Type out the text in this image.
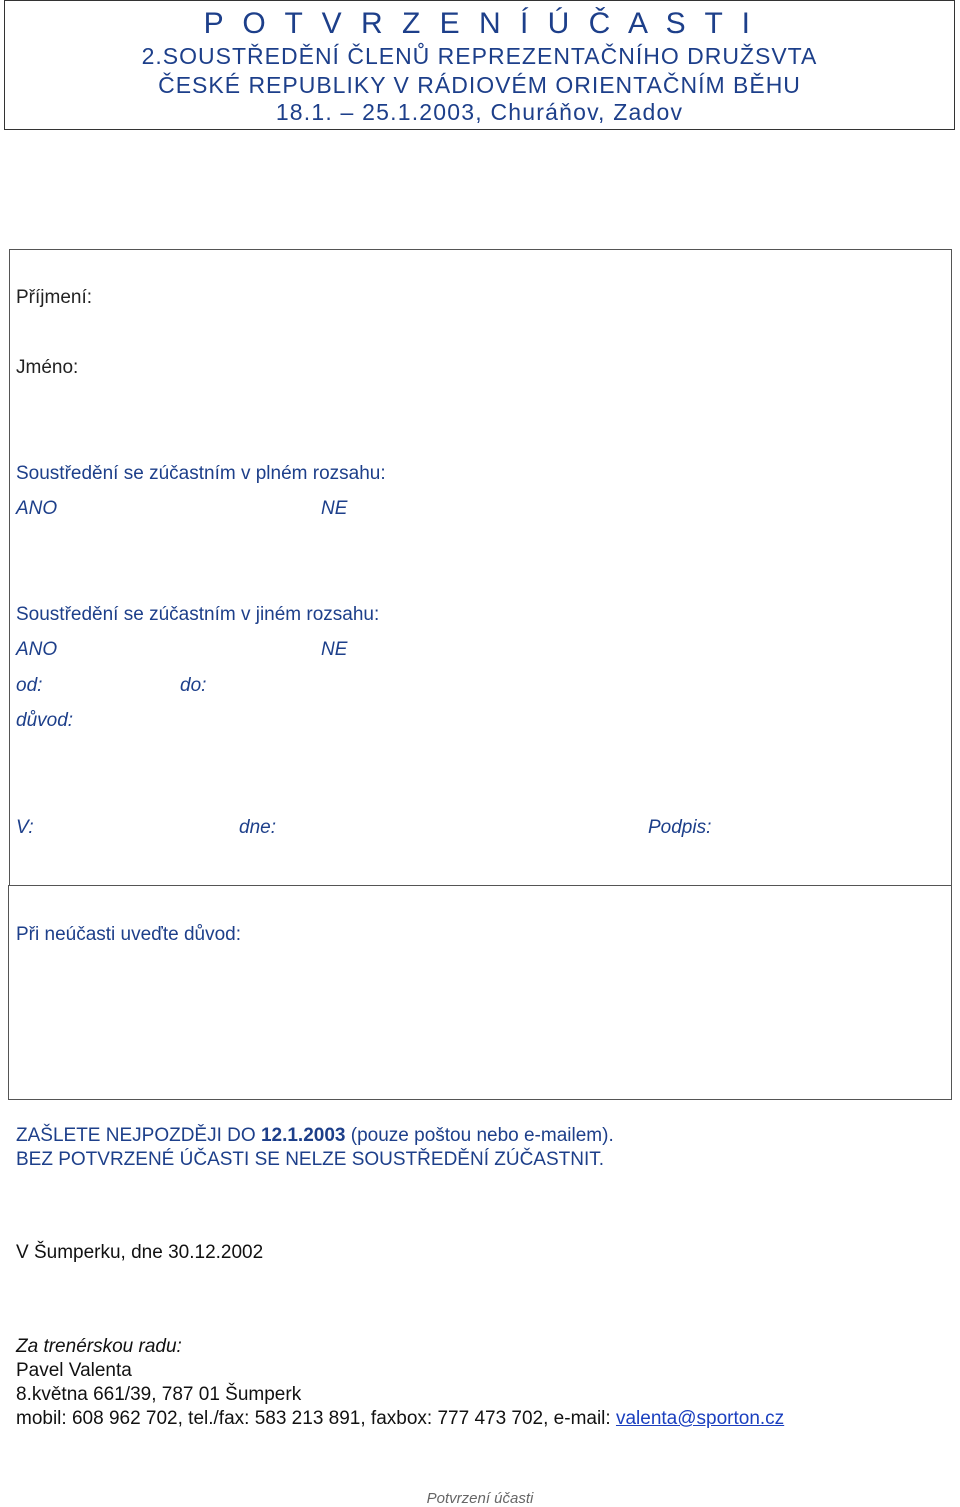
P O T V R Z E N Í Ú Č A S T I
2.SOUSTŘEDĚNÍ ČLENŮ REPREZENTAČNÍHO DRUŽSVTA
ČESKÉ REPUBLIKY V RÁDIOVÉM ORIENTAČNÍM BĚHU
18.1. – 25.1.2003, Churáňov, Zadov
Příjmení:
Jméno:
Soustředění se zúčastním v plném rozsahu:
ANO	NE
Soustředění se zúčastním v jiném rozsahu:
ANO	NE
od:	do:
důvod:
V:	dne:	Podpis:
Při neúčasti uveďte důvod:
ZAŠLETE NEJPOZDĚJI DO 12.1.2003 (pouze poštou nebo e-mailem).
BEZ POTVRZENÉ ÚČASTI SE NELZE SOUSTŘEDĚNÍ ZÚČASTNIT.
V Šumperku, dne 30.12.2002
Za trenérskou radu:
Pavel Valenta
8.května 661/39, 787 01 Šumperk
mobil: 608 962 702, tel./fax: 583 213 891, faxbox: 777 473 702, e-mail: valenta@sporton.cz
Potvrzení účasti
